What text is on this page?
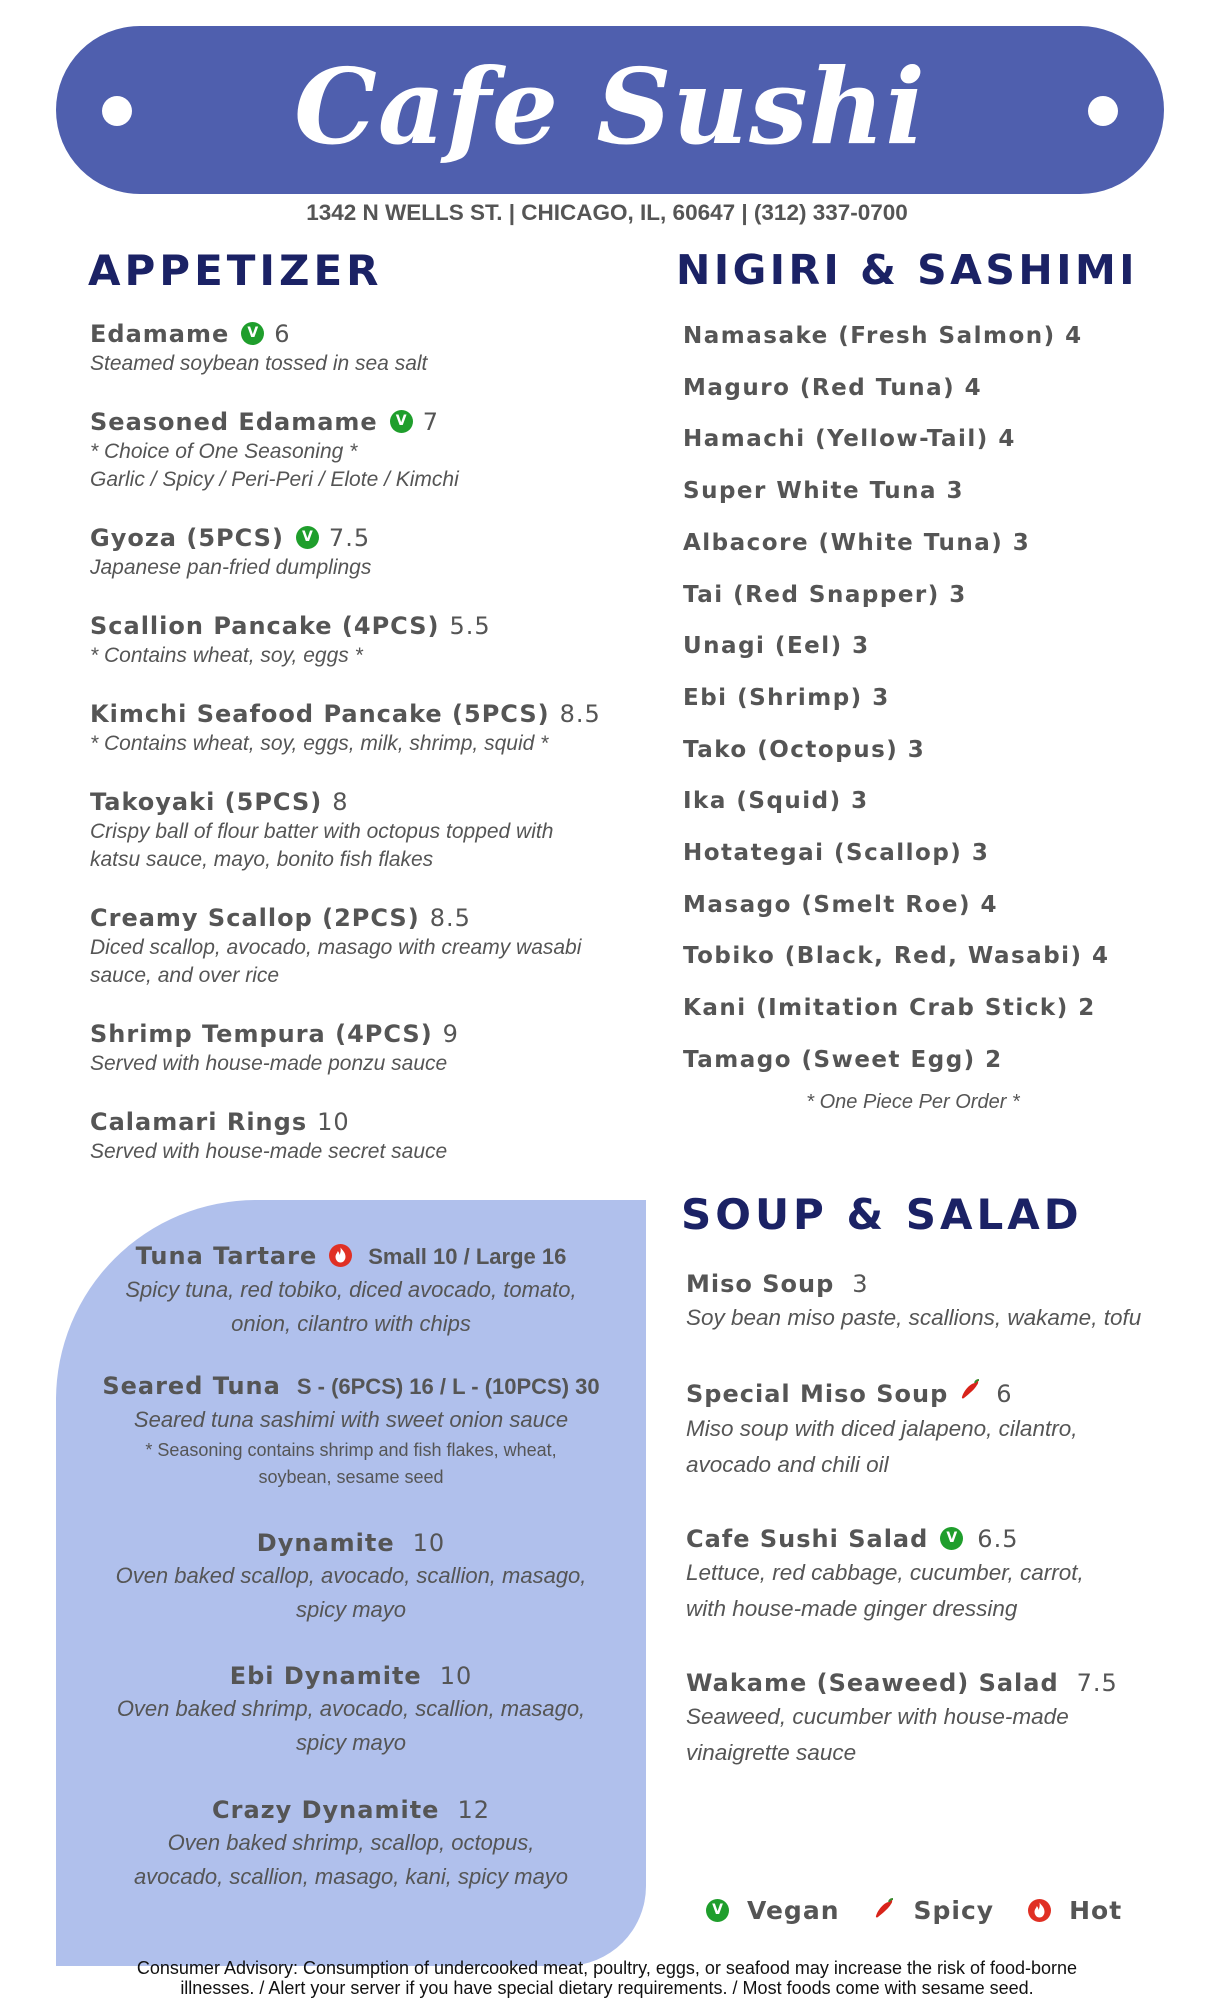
Cafe Sushi
1342 N WELLS ST. | CHICAGO, IL, 60647 | (312) 337-0700
APPETIZER
Edamame V 6
Steamed soybean tossed in sea salt
Seasoned Edamame V 7
* Choice of One Seasoning *
Garlic / Spicy / Peri-Peri / Elote / Kimchi
Gyoza (5PCS) V 7.5
Japanese pan-fried dumplings
Scallion Pancake (4PCS) 5.5
* Contains wheat, soy, eggs *
Kimchi Seafood Pancake (5PCS) 8.5
* Contains wheat, soy, eggs, milk, shrimp, squid *
Takoyaki (5PCS) 8
Crispy ball of flour batter with octopus topped with
katsu sauce, mayo, bonito fish flakes
Creamy Scallop (2PCS) 8.5
Diced scallop, avocado, masago with creamy wasabi
sauce, and over rice
Shrimp Tempura (4PCS) 9
Served with house-made ponzu sauce
Calamari Rings 10
Served with house-made secret sauce
Tuna Tartare Small 10 / Large 16
Spicy tuna, red tobiko, diced avocado, tomato,
onion, cilantro with chips
Seared Tuna S - (6PCS) 16 / L - (10PCS) 30
Seared tuna sashimi with sweet onion sauce
* Seasoning contains shrimp and fish flakes, wheat,
soybean, sesame seed
Dynamite 10
Oven baked scallop, avocado, scallion, masago,
spicy mayo
Ebi Dynamite 10
Oven baked shrimp, avocado, scallion, masago,
spicy mayo
Crazy Dynamite 12
Oven baked shrimp, scallop, octopus,
avocado, scallion, masago, kani, spicy mayo
NIGIRI & SASHIMI
Namasake (Fresh Salmon) 4
Maguro (Red Tuna) 4
Hamachi (Yellow-Tail) 4
Super White Tuna 3
Albacore (White Tuna) 3
Tai (Red Snapper) 3
Unagi (Eel) 3
Ebi (Shrimp) 3
Tako (Octopus) 3
Ika (Squid) 3
Hotategai (Scallop) 3
Masago (Smelt Roe) 4
Tobiko (Black, Red, Wasabi) 4
Kani (Imitation Crab Stick) 2
Tamago (Sweet Egg) 2
* One Piece Per Order *
SOUP & SALAD
Miso Soup 3
Soy bean miso paste, scallions, wakame, tofu
Special Miso Soup 6
Miso soup with diced jalapeno, cilantro,
avocado and chili oil
Cafe Sushi Salad V 6.5
Lettuce, red cabbage, cucumber, carrot,
with house-made ginger dressing
Wakame (Seaweed) Salad 7.5
Seaweed, cucumber with house-made
vinaigrette sauce
V Vegan	Spicy	Hot
Consumer Advisory: Consumption of undercooked meat, poultry, eggs, or seafood may increase the risk of food-borne
illnesses. / Alert your server if you have special dietary requirements. / Most foods come with sesame seed.
